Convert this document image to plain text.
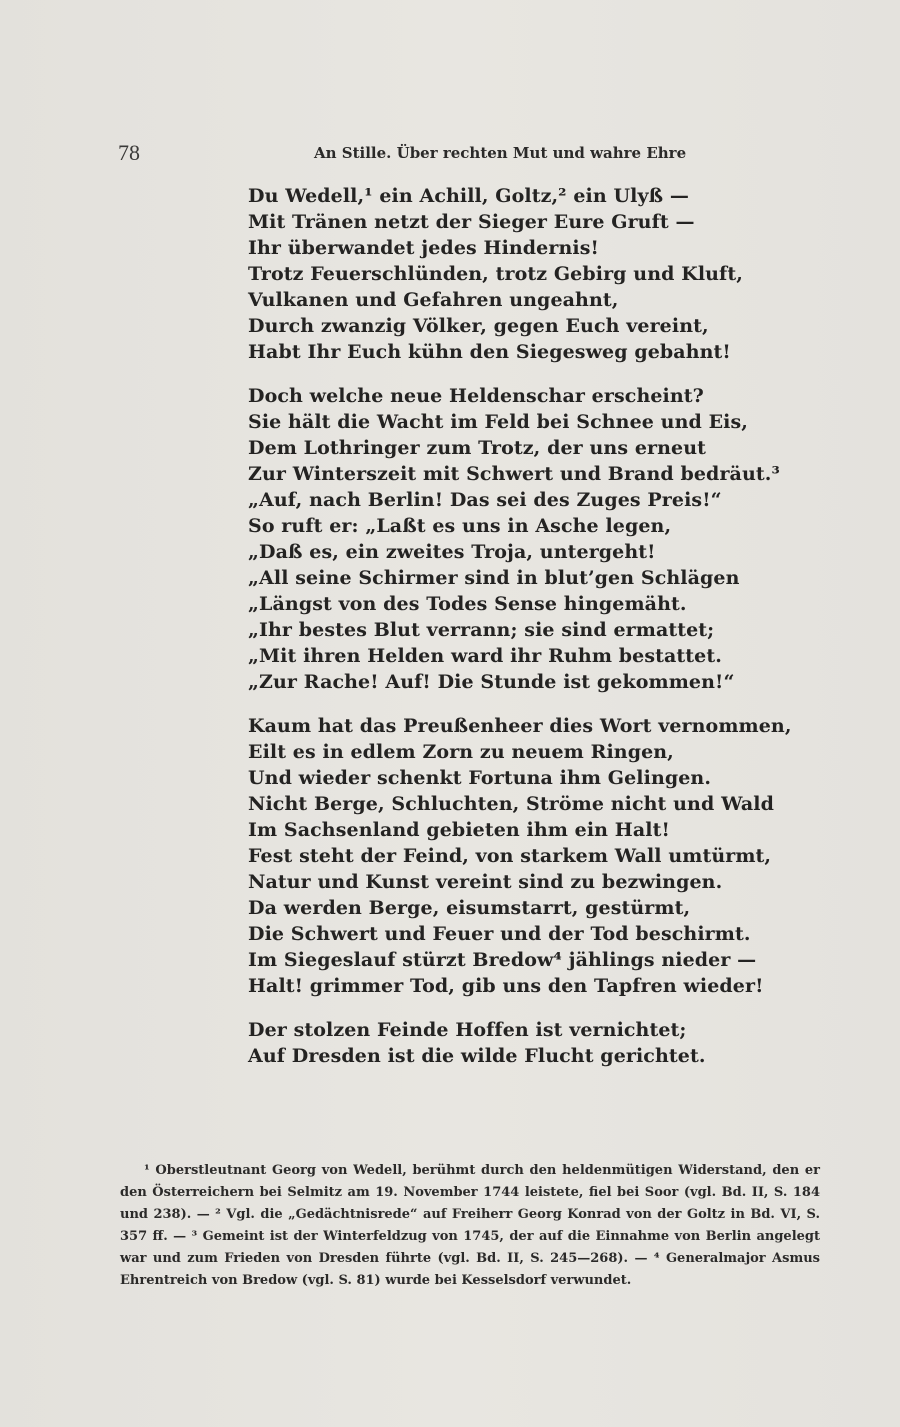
78	An Stille. Über rechten Mut und wahre Ehre
Du Wedell,¹ ein Achill, Goltz,² ein Ulyß —
Mit Tränen netzt der Sieger Eure Gruft —
Ihr überwandet jedes Hindernis!
Trotz Feuerschlünden, trotz Gebirg und Kluft,
Vulkanen und Gefahren ungeahnt,
Durch zwanzig Völker, gegen Euch vereint,
Habt Ihr Euch kühn den Siegesweg gebahnt!
Doch welche neue Heldenschar erscheint?
Sie hält die Wacht im Feld bei Schnee und Eis,
Dem Lothringer zum Trotz, der uns erneut
Zur Winterszeit mit Schwert und Brand bedräut.³
„Auf, nach Berlin! Das sei des Zuges Preis!“
So ruft er: „Laßt es uns in Asche legen,
„Daß es, ein zweites Troja, untergeht!
„All seine Schirmer sind in blut’gen Schlägen
„Längst von des Todes Sense hingemäht.
„Ihr bestes Blut verrann; sie sind ermattet;
„Mit ihren Helden ward ihr Ruhm bestattet.
„Zur Rache! Auf! Die Stunde ist gekommen!“
Kaum hat das Preußenheer dies Wort vernommen,
Eilt es in edlem Zorn zu neuem Ringen,
Und wieder schenkt Fortuna ihm Gelingen.
Nicht Berge, Schluchten, Ströme nicht und Wald
Im Sachsenland gebieten ihm ein Halt!
Fest steht der Feind, von starkem Wall umtürmt,
Natur und Kunst vereint sind zu bezwingen.
Da werden Berge, eisumstarrt, gestürmt,
Die Schwert und Feuer und der Tod beschirmt.
Im Siegeslauf stürzt Bredow⁴ jählings nieder —
Halt! grimmer Tod, gib uns den Tapfren wieder!
Der stolzen Feinde Hoffen ist vernichtet;
Auf Dresden ist die wilde Flucht gerichtet.
¹ Oberstleutnant Georg von Wedell, berühmt durch den heldenmütigen Widerstand, den er den Österreichern bei Selmitz am 19. November 1744 leistete, fiel bei Soor (vgl. Bd. II, S. 184 und 238). — ² Vgl. die „Gedächtnisrede“ auf Freiherr Georg Konrad von der Goltz in Bd. VI, S. 357 ff. — ³ Gemeint ist der Winterfeldzug von 1745, der auf die Einnahme von Berlin angelegt war und zum Frieden von Dresden führte (vgl. Bd. II, S. 245—268). — ⁴ Generalmajor Asmus Ehrentreich von Bredow (vgl. S. 81) wurde bei Kesselsdorf verwundet.
